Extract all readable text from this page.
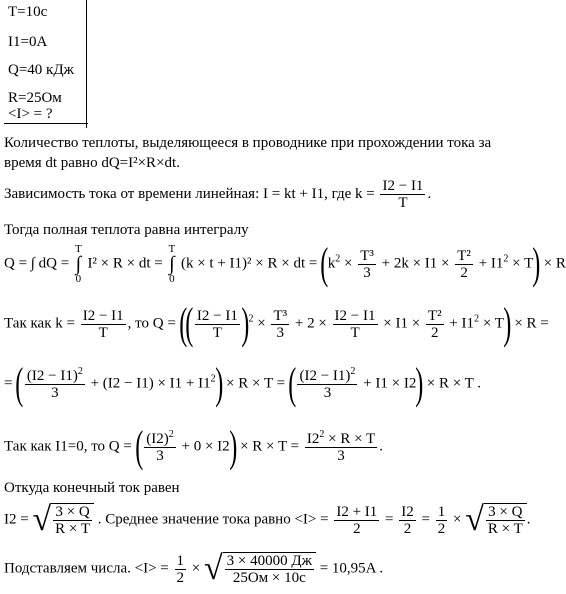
T=10c
I1=0A
Q=40 кДж
R=25Ом
<I> = ?
Количество теплоты, выделяющееся в проводнике при прохождении тока за
время dt равно dQ=I²×R×dt.
Зависимость тока от времени линейная: I = kt + I1, где $k = \frac{I2 - I1}{T}$ .
Тогда полная теплота равна интегралу
Q = ∫ dQ =
T
∫
0
I² × R × dt =
T
∫
0
(k × t + I1)² × R × dt = $(k^2 \times \frac{\text{T³}}{3} + 2k \times I1 \times \frac{\text{T²}}{2} + I1^2 \times T) \times R$
Так как $k = \frac{I2 - I1}{T}$ , то Q = (( $\frac{I2 - I1}{T} )^2 \times \frac{\text{T³}}{3} + 2 \times \frac{I2 - I1}{T} \times I1 \times \frac{\text{T²}}{2} + I1^2 \times T) \times R$ =
= ( $\frac{(I2 - I1)^2}{3} + (I2 - I1) \times I1 + I1^2) \times R \times T$ = ( $\frac{(I2 - I1)^2}{3} + I1 \times I2) \times R \times T$ .
Так как I1=0, то Q = ( $\frac{(I2)^2}{3} + 0 \times I2) \times R \times T = \frac{I2^2 \times R \times T}{3}$ .
Откуда конечный ток равен
I2 = √ $\frac{3 \times Q}{R \times T}$ . Среднее значение тока равно $<I> = \frac{I2 + I1}{2} = \frac{I2}{2} = \frac{1}{2}$ × √ $\frac{3 \times Q}{R \times T}$ .
Подставляем числа. $<I> = \frac{1}{2}$ × √ $\frac{3 \times 40000 Дж}{25Ом \times 10c} = 10,95A$ .
